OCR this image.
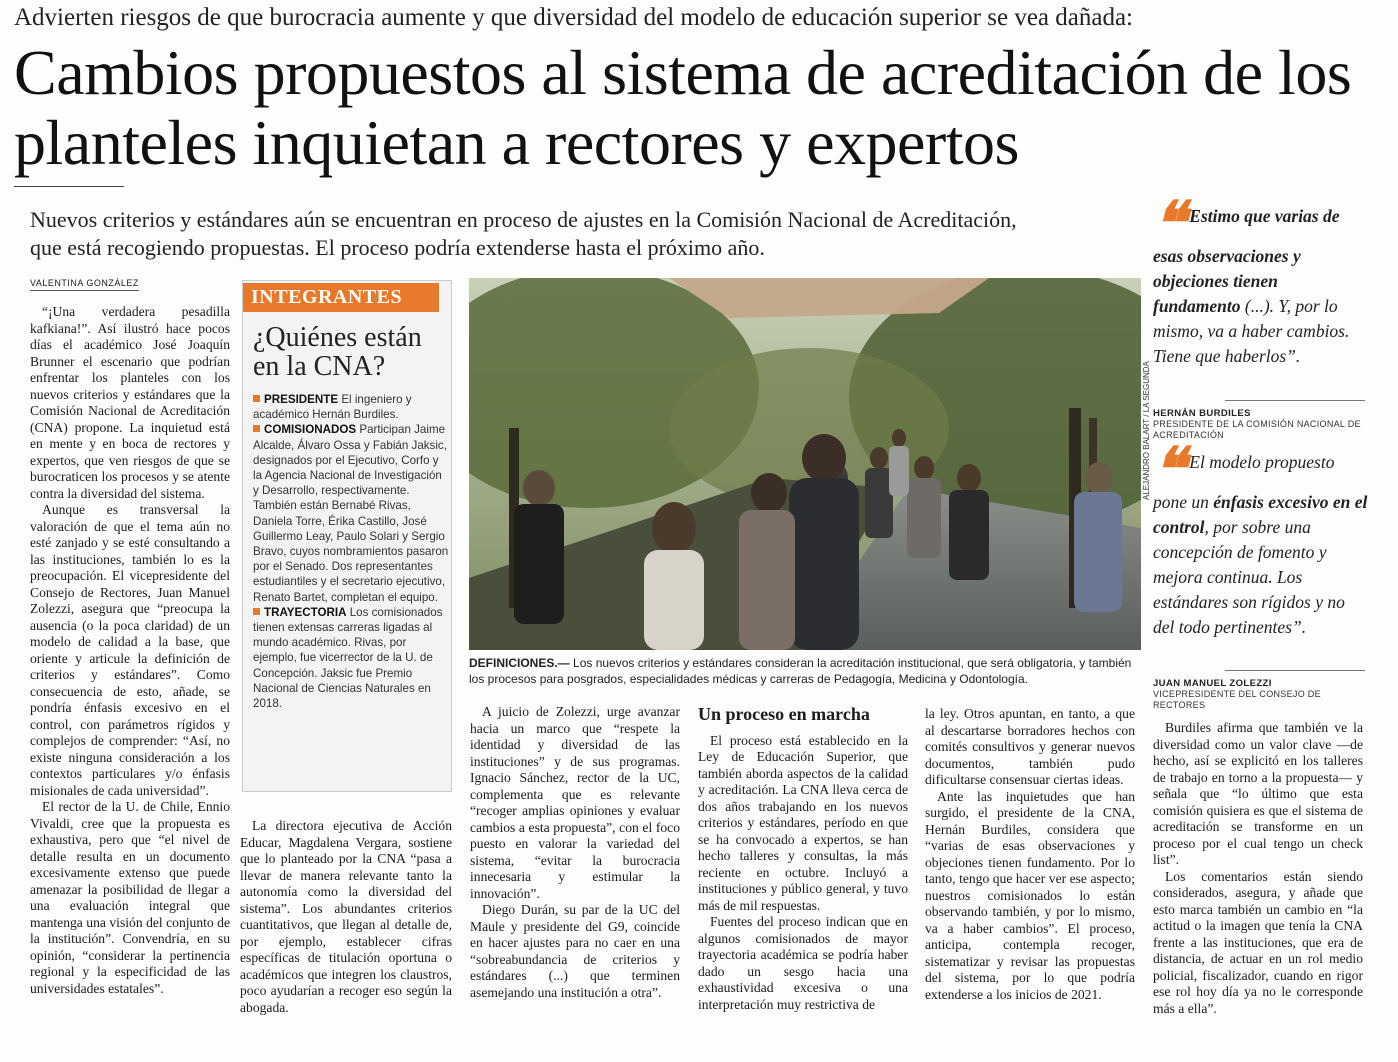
Advierten riesgos de que burocracia aumente y que diversidad del modelo de educación superior se vea dañada:
Cambios propuestos al sistema de acreditación de los planteles inquietan a rectores y expertos
Nuevos criterios y estándares aún se encuentran en proceso de ajustes en la Comisión Nacional de Acreditación, que está recogiendo propuestas. El proceso podría extenderse hasta el próximo año.
VALENTINA GONZÁLEZ

“¡Una verdadera pesadilla kafkiana!”. Así ilustró hace pocos días el académico José Joaquín Brunner el escenario que podrían enfrentar los planteles con los nuevos criterios y estándares que la Comisión Nacional de Acreditación (CNA) propone. La inquietud está en mente y en boca de rectores y expertos, que ven riesgos de que se burocraticen los procesos y se atente contra la diversidad del sistema.

Aunque es transversal la valoración de que el tema aún no esté zanjado y se esté consultando a las instituciones, también lo es la preocupación. El vicepresidente del Consejo de Rectores, Juan Manuel Zolezzi, asegura que “preocupa la ausencia (o la poca claridad) de un modelo de calidad a la base, que oriente y articule la definición de criterios y estándares”. Como consecuencia de esto, añade, se pondría énfasis excesivo en el control, con parámetros rígidos y complejos de comprender: “Así, no existe ninguna consideración a los contextos particulares y/o énfasis misionales de cada universidad”.

El rector de la U. de Chile, Ennio Vivaldi, cree que la propuesta es exhaustiva, pero que “el nivel de detalle resulta en un documento excesivamente extenso que puede amenazar la posibilidad de llegar a una evaluación integral que mantenga una visión del conjunto de la institución”. Convendría, en su opinión, “considerar la pertinencia regional y la especificidad de las universidades estatales”.

INTEGRANTES
¿Quiénes están en la CNA?

PRESIDENTE El ingeniero y académico Hernán Burdiles.

COMISIONADOS Participan Jaime Alcalde, Álvaro Ossa y Fabián Jaksic, designados por el Ejecutivo, Corfo y la Agencia Nacional de Investigación y Desarrollo, respectivamente. También están Bernabé Rivas, Daniela Torre, Érika Castillo, José Guillermo Leay, Paulo Solari y Sergio Bravo, cuyos nombramientos pasaron por el Senado. Dos representantes estudiantiles y el secretario ejecutivo, Renato Bartet, completan el equipo.

TRAYECTORIA Los comisionados tienen extensas carreras ligadas al mundo académico. Rivas, por ejemplo, fue vicerrector de la U. de Concepción. Jaksic fue Premio Nacional de Ciencias Naturales en 2018.

La directora ejecutiva de Acción Educar, Magdalena Vergara, sostiene que lo planteado por la CNA “pasa a llevar de manera relevante tanto la autonomía como la diversidad del sistema”. Los abundantes criterios cuantitativos, que llegan al detalle de, por ejemplo, establecer cifras específicas de titulación oportuna o académicos que integren los claustros, poco ayudarían a recoger eso según la abogada.

ALEJANDRO BALART / LA SEGUNDA
DEFINICIONES.— Los nuevos criterios y estándares consideran la acreditación institucional, que será obligatoria, y también los procesos para posgrados, especialidades médicas y carreras de Pedagogía, Medicina y Odontología.

A juicio de Zolezzi, urge avanzar hacia un marco que “respete la identidad y diversidad de las instituciones” y de sus programas. Ignacio Sánchez, rector de la UC, complementa que es relevante “recoger amplias opiniones y evaluar cambios a esta propuesta”, con el foco puesto en valorar la variedad del sistema, “evitar la burocracia innecesaria y estimular la innovación”.

Diego Durán, su par de la UC del Maule y presidente del G9, coincide en hacer ajustes para no caer en una “sobreabundancia de criterios y estándares (...) que terminen asemejando una institución a otra”.

Un proceso en marcha

El proceso está establecido en la Ley de Educación Superior, que también aborda aspectos de la calidad y acreditación. La CNA lleva cerca de dos años trabajando en los nuevos criterios y estándares, período en que se ha convocado a expertos, se han hecho talleres y consultas, la más reciente en octubre. Incluyó a instituciones y público general, y tuvo más de mil respuestas.

Fuentes del proceso indican que en algunos comisionados de mayor trayectoria académica se podría haber dado un sesgo hacia una exhaustividad excesiva o una interpretación muy restrictiva de

la ley. Otros apuntan, en tanto, a que al descartarse borradores hechos con comités consultivos y generar nuevos documentos, también pudo dificultarse consensuar ciertas ideas.

Ante las inquietudes que han surgido, el presidente de la CNA, Hernán Burdiles, considera que “varias de esas observaciones y objeciones tienen fundamento. Por lo tanto, tengo que hacer ver ese aspecto; nuestros comisionados lo están observando también, y por lo mismo, va a haber cambios”. El proceso, anticipa, contempla recoger, sistematizar y revisar las propuestas del sistema, por lo que podría extenderse a los inicios de 2021.

❝ Estimo que varias de esas observaciones y objeciones tienen fundamento (...). Y, por lo mismo, va a haber cambios. Tiene que haberlos”.
HERNÁN BURDILES
PRESIDENTE DE LA COMISIÓN NACIONAL DE ACREDITACIÓN
❝ El modelo propuesto pone un énfasis excesivo en el control, por sobre una concepción de fomento y mejora continua. Los estándares son rígidos y no del todo pertinentes”.
JUAN MANUEL ZOLEZZI
VICEPRESIDENTE DEL CONSEJO DE RECTORES

Burdiles afirma que también ve la diversidad como un valor clave —de hecho, así se explicitó en los talleres de trabajo en torno a la propuesta— y señala que “lo último que esta comisión quisiera es que el sistema de acreditación se transforme en un proceso por el cual tengo un check list”.

Los comentarios están siendo considerados, asegura, y añade que esto marca también un cambio en “la actitud o la imagen que tenía la CNA frente a las instituciones, que era de distancia, de actuar en un rol medio policial, fiscalizador, cuando en rigor ese rol hoy día ya no le corresponde más a ella”.
